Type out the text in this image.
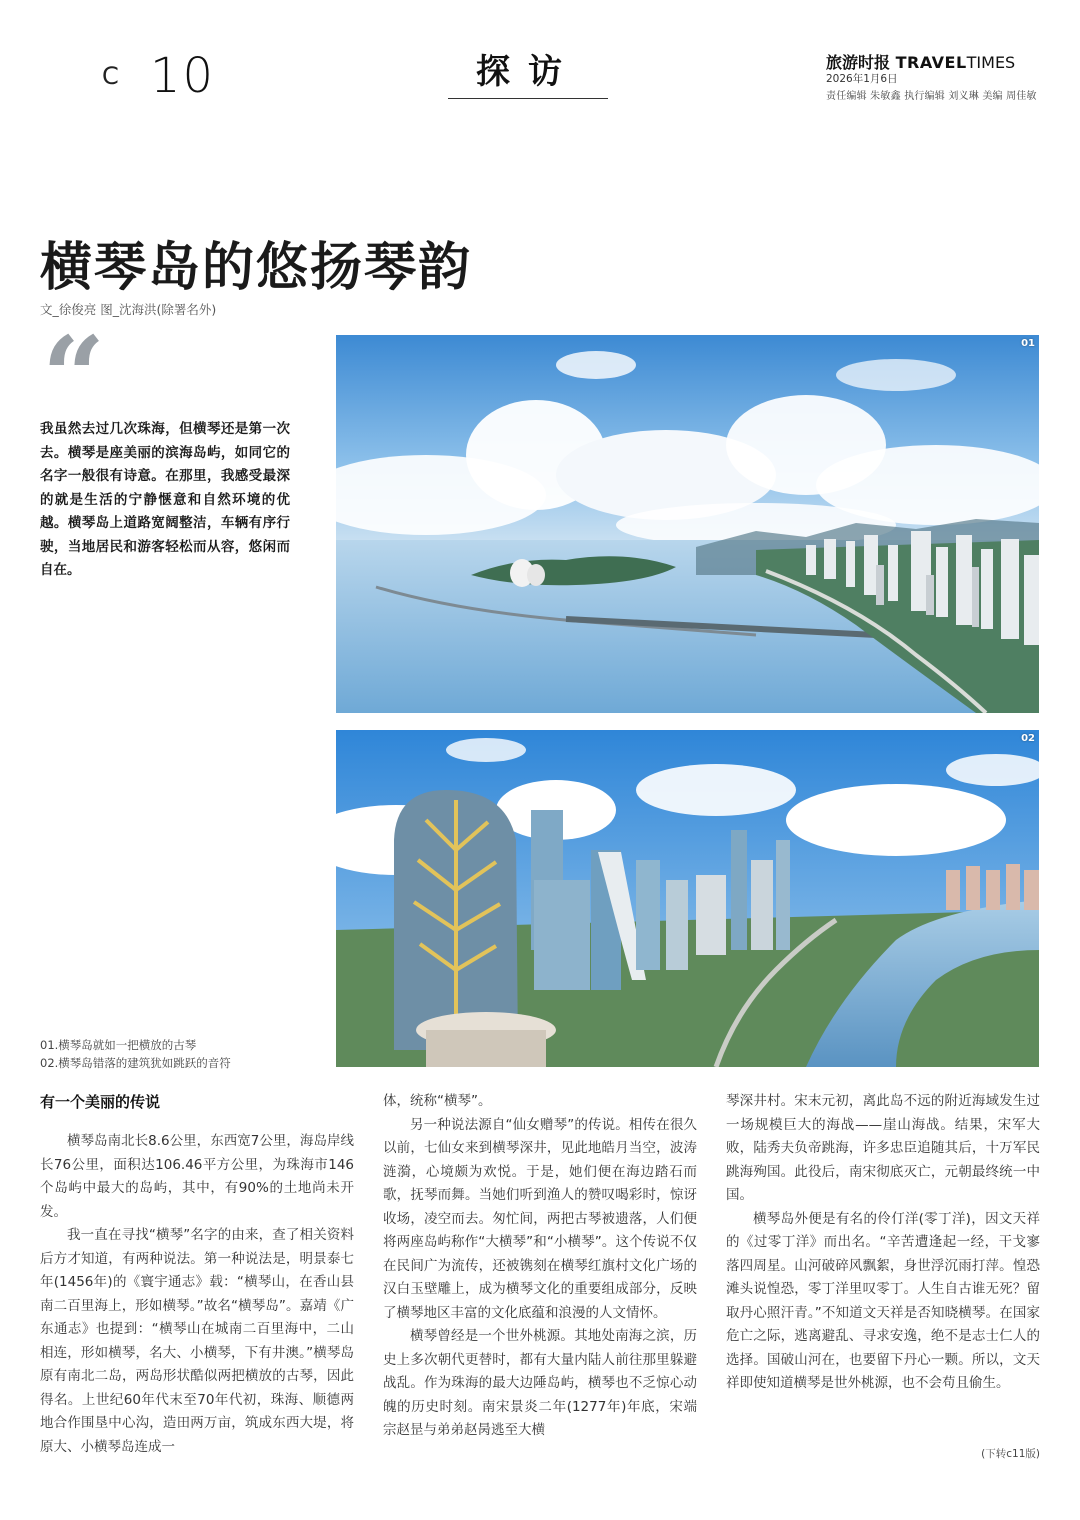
C 10	探访	旅游时报 TRAVELTIMES
2026年1月6日
责任编辑 朱敏鑫 执行编辑 刘义琳 美编 周佳敏
横琴岛的悠扬琴韵
文_徐俊亮 图_沈海洪(除署名外)
“
我虽然去过几次珠海，但横琴还是第一次去。横琴是座美丽的滨海岛屿，如同它的名字一般很有诗意。在那里，我感受最深的就是生活的宁静惬意和自然环境的优越。横琴岛上道路宽阔整洁，车辆有序行驶，当地居民和游客轻松而从容，悠闲而自在。
01
02
01.横琴岛就如一把横放的古琴
02.横琴岛错落的建筑犹如跳跃的音符
有一个美丽的传说

横琴岛南北长8.6公里，东西宽7公里，海岛岸线长76公里，面积达106.46平方公里，为珠海市146个岛屿中最大的岛屿，其中，有90%的土地尚未开发。

我一直在寻找“横琴”名字的由来，查了相关资料后方才知道，有两种说法。第一种说法是，明景泰七年(1456年)的《寰宇通志》载：“横琴山，在香山县南二百里海上，形如横琴。”故名“横琴岛”。嘉靖《广东通志》也提到：“横琴山在城南二百里海中，二山相连，形如横琴，名大、小横琴，下有井澳。”横琴岛原有南北二岛，两岛形状酷似两把横放的古琴，因此得名。上世纪60年代末至70年代初，珠海、顺德两地合作围垦中心沟，造田两万亩，筑成东西大堤，将原大、小横琴岛连成一

体，统称“横琴”。

另一种说法源自“仙女赠琴”的传说。相传在很久以前，七仙女来到横琴深井，见此地皓月当空，波涛涟漪，心境颇为欢悦。于是，她们便在海边踏石而歌，抚琴而舞。当她们听到渔人的赞叹喝彩时，惊讶收场，凌空而去。匆忙间，两把古琴被遗落，人们便将两座岛屿称作“大横琴”和“小横琴”。这个传说不仅在民间广为流传，还被镌刻在横琴红旗村文化广场的汉白玉壁雕上，成为横琴文化的重要组成部分，反映了横琴地区丰富的文化底蕴和浪漫的人文情怀。

横琴曾经是一个世外桃源。其地处南海之滨，历史上多次朝代更替时，都有大量内陆人前往那里躲避战乱。作为珠海的最大边陲岛屿，横琴也不乏惊心动魄的历史时刻。南宋景炎二年(1277年)年底，宋端宗赵昰与弟弟赵昺逃至大横

琴深井村。宋末元初，离此岛不远的附近海域发生过一场规模巨大的海战——崖山海战。结果，宋军大败，陆秀夫负帝跳海，许多忠臣追随其后，十万军民跳海殉国。此役后，南宋彻底灭亡，元朝最终统一中国。

横琴岛外便是有名的伶仃洋(零丁洋)，因文天祥的《过零丁洋》而出名。“辛苦遭逢起一经，干戈寥落四周星。山河破碎风飘絮，身世浮沉雨打萍。惶恐滩头说惶恐，零丁洋里叹零丁。人生自古谁无死？留取丹心照汗青。”不知道文天祥是否知晓横琴。在国家危亡之际，逃离避乱、寻求安逸，绝不是志士仁人的选择。国破山河在，也要留下丹心一颗。所以，文天祥即使知道横琴是世外桃源，也不会苟且偷生。

(下转c11版)
